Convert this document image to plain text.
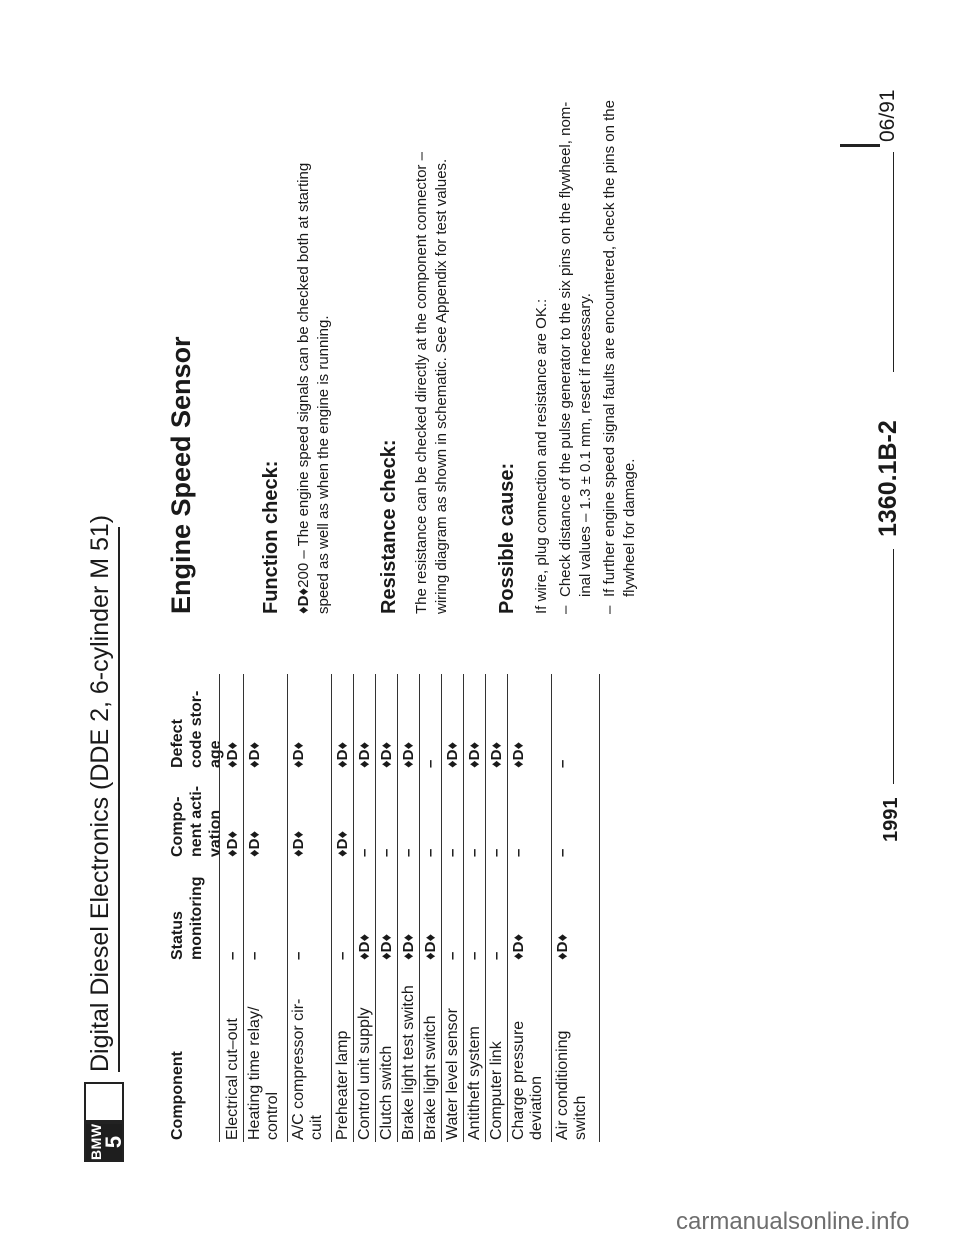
06/91
1360.1B-2
1991
BMW
5
Digital Diesel Electronics (DDE 2, 6-cylinder M 51)
Component
Status monitoring
Compo- nent acti- vation
Defect code stor- age
Electrical cut–out
–
♦D♦
♦D♦
Heating time relay/
control
–
♦D♦
♦D♦
A/C compressor cir-
cuit
–
♦D♦
♦D♦
Preheater lamp
–
♦D♦
♦D♦
Control unit supply
♦D♦
–
♦D♦
Clutch switch
♦D♦
–
♦D♦
Brake light test switch
♦D♦
–
♦D♦
Brake light switch
♦D♦
–
–
Water level sensor
–
–
♦D♦
Antitheft system
–
–
♦D♦
Computer link
–
–
♦D♦
Charge pressure
deviation
♦D♦
–
♦D♦
Air conditioning
switch
♦D♦
–
–
Engine Speed Sensor	Function check: ♦D♦200 – The engine speed signals can be checked both at starting speed as well as when the engine is running. Resistance check: The resistance can be checked directly at the component connector – wiring diagram as shown in schematic. See Appendix for test values. Possible cause: If wire, plug connection and resistance are OK.: –
Check distance of the pulse generator to the six pins on the flywheel, nom- inal values – 1.3 ± 0.1 mm, reset if necessary.
–
If further engine speed signal faults are encountered, check the pins on the flywheel for damage.
carmanualsonline.info
